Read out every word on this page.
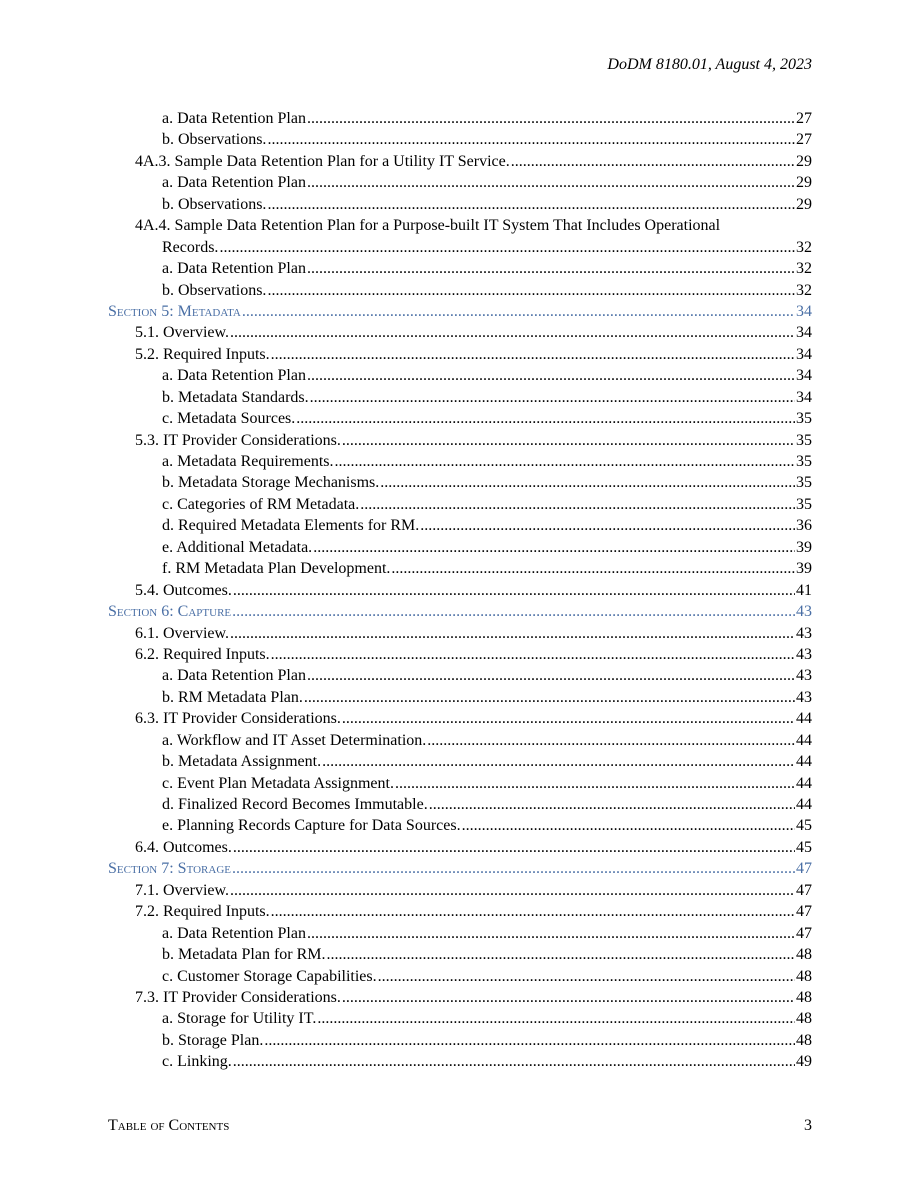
DoDM 8180.01, August 4, 2023
a. Data Retention Plan .....	27
b. Observations. .....	27
4A.3. Sample Data Retention Plan for a Utility IT Service. .....	29
a. Data Retention Plan .....	29
b. Observations. .....	29
4A.4. Sample Data Retention Plan for a Purpose-built IT System That Includes Operational
Records. .....	32
a. Data Retention Plan .....	32
b. Observations. .....	32
Section 5: Metadata .....	34
5.1. Overview. .....	34
5.2. Required Inputs. .....	34
a. Data Retention Plan .....	34
b. Metadata Standards. .....	34
c. Metadata Sources. .....	35
5.3. IT Provider Considerations. .....	35
a. Metadata Requirements. .....	35
b. Metadata Storage Mechanisms. .....	35
c. Categories of RM Metadata. .....	35
d. Required Metadata Elements for RM. .....	36
e. Additional Metadata. .....	39
f. RM Metadata Plan Development. .....	39
5.4. Outcomes. .....	41
Section 6: Capture .....	43
6.1. Overview. .....	43
6.2. Required Inputs. .....	43
a. Data Retention Plan .....	43
b. RM Metadata Plan. .....	43
6.3. IT Provider Considerations. .....	44
a. Workflow and IT Asset Determination. .....	44
b. Metadata Assignment. .....	44
c. Event Plan Metadata Assignment. .....	44
d. Finalized Record Becomes Immutable. .....	44
e. Planning Records Capture for Data Sources. .....	45
6.4. Outcomes. .....	45
Section 7: Storage .....	47
7.1. Overview. .....	47
7.2. Required Inputs. .....	47
a. Data Retention Plan .....	47
b. Metadata Plan for RM. .....	48
c. Customer Storage Capabilities. .....	48
7.3. IT Provider Considerations. .....	48
a. Storage for Utility IT. .....	48
b. Storage Plan. .....	48
c. Linking. .....	49
Table of Contents	3
